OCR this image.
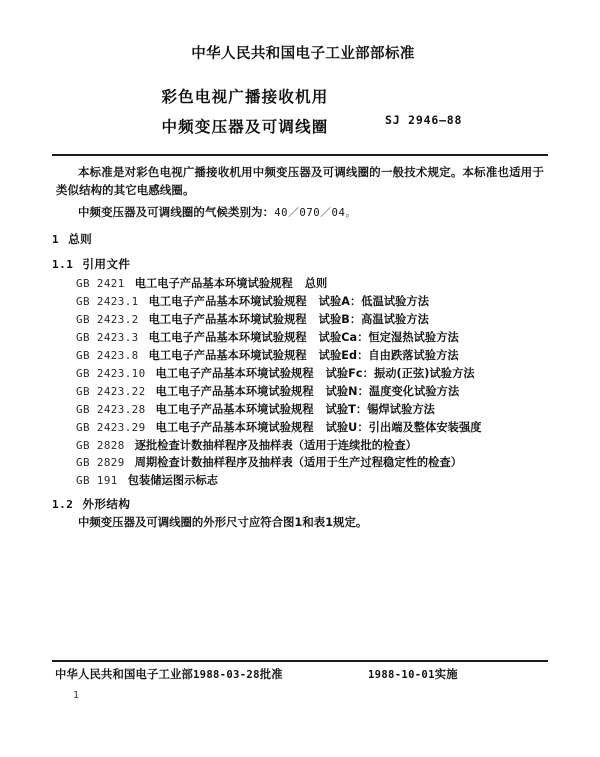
中华人民共和国电子工业部部标准
彩色电视广播接收机用
中频变压器及可调线圈	SJ 2946—88

本标准是对彩色电视广播接收机用中频变压器及可调线圈的一般技术规定。本标准也适用于类似结构的其它电感线圈。

中频变压器及可调线圈的气候类别为：40／070／04。

1 总则
1.1 引用文件
GB 2421 电工电子产品基本环境试验规程 总则
GB 2423.1 电工电子产品基本环境试验规程 试验A：低温试验方法
GB 2423.2 电工电子产品基本环境试验规程 试验B：高温试验方法
GB 2423.3 电工电子产品基本环境试验规程 试验Ca：恒定湿热试验方法
GB 2423.8 电工电子产品基本环境试验规程 试验Ed：自由跌落试验方法
GB 2423.10 电工电子产品基本环境试验规程 试验Fc：振动(正弦)试验方法
GB 2423.22 电工电子产品基本环境试验规程 试验N：温度变化试验方法
GB 2423.28 电工电子产品基本环境试验规程 试验T：锡焊试验方法
GB 2423.29 电工电子产品基本环境试验规程 试验U：引出端及整体安装强度
GB 2828 逐批检查计数抽样程序及抽样表（适用于连续批的检查）
GB 2829 周期检查计数抽样程序及抽样表（适用于生产过程稳定性的检查）
GB 191 包装储运图示标志
1.2 外形结构

中频变压器及可调线圈的外形尺寸应符合图1和表1规定。

中华人民共和国电子工业部1988-03-28批准	1988-10-01实施
1
